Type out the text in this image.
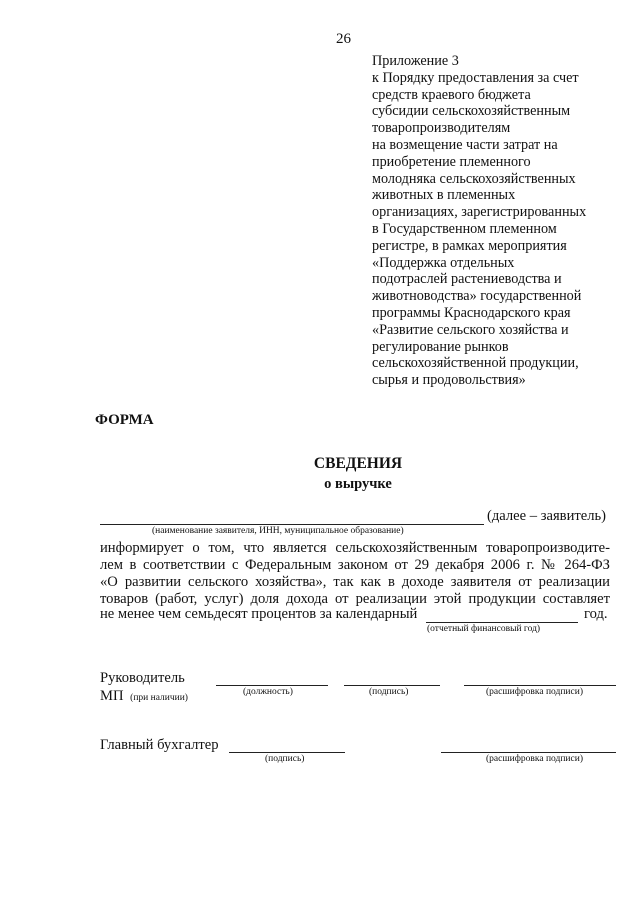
26
Приложение 3
к Порядку предоставления за счет
средств краевого бюджета
субсидии сельскохозяйственным
товаропроизводителям
на возмещение части затрат на
приобретение племенного
молодняка сельскохозяйственных
животных в племенных
организациях, зарегистрированных
в Государственном племенном
регистре, в рамках мероприятия
«Поддержка отдельных
подотраслей растениеводства и
животноводства» государственной
программы Краснодарского края
«Развитие сельского хозяйства и
регулирование рынков
сельскохозяйственной продукции,
сырья и продовольствия»
ФОРМА
СВЕДЕНИЯ
о выручке
(далее – заявитель)
(наименование заявителя, ИНН, муниципальное образование)
информирует о том, что является сельскохозяйственным товаропроизводите-
лем в соответствии с Федеральным законом от 29 декабря 2006 г. № 264-ФЗ
«О развитии сельского хозяйства», так как в доходе заявителя от реализации
товаров (работ, услуг) доля дохода от реализации этой продукции составляет
не менее чем семьдесят процентов за календарный	год.
(отчетный финансовый год)
Руководитель
МП (при наличии)
(должность)	(подпись)	(расшифровка подписи)
Главный бухгалтер
(подпись)	(расшифровка подписи)
